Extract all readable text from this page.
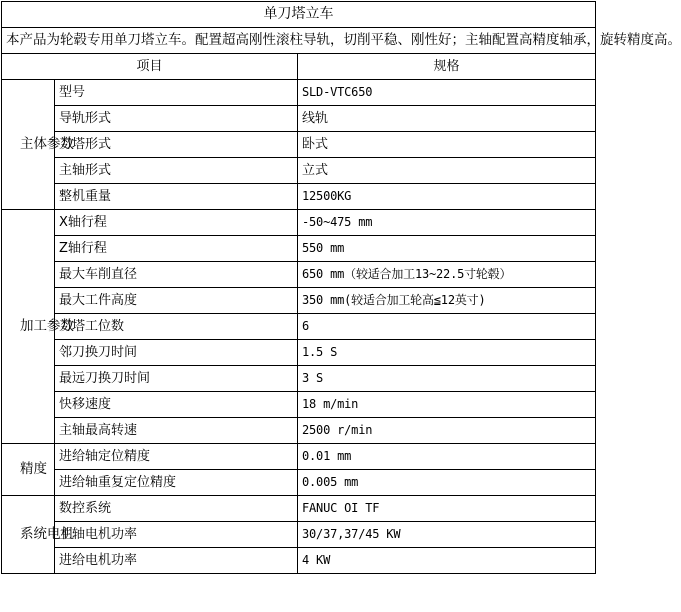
单刀塔立车		
本产品为轮毂专用单刀塔立车。配置超高刚性滚柱导轨，切削平稳、刚性好；主轴配置高精度轴承，旋转精度高。		
项目		规格
主体参数	型号	SLD-VTC650
	导轨形式	线轨
	刀塔形式	卧式
	主轴形式	立式
	整机重量	12500KG
加工参数	X轴行程	-50~475 mm
	Z轴行程	550 mm
	最大车削直径	650 mm（较适合加工13~22.5寸轮毂）
	最大工件高度	350 mm(较适合加工轮高≦12英寸)
	刀塔工位数	6
	邻刀换刀时间	1.5 S
	最远刀换刀时间	3 S
	快移速度	18 m/min
	主轴最高转速	2500 r/min
精度	进给轴定位精度	0.01 mm
	进给轴重复定位精度	0.005 mm
系统电机	数控系统	FANUC OI TF
	主轴电机功率	30/37,37/45 KW
	进给电机功率	4 KW
